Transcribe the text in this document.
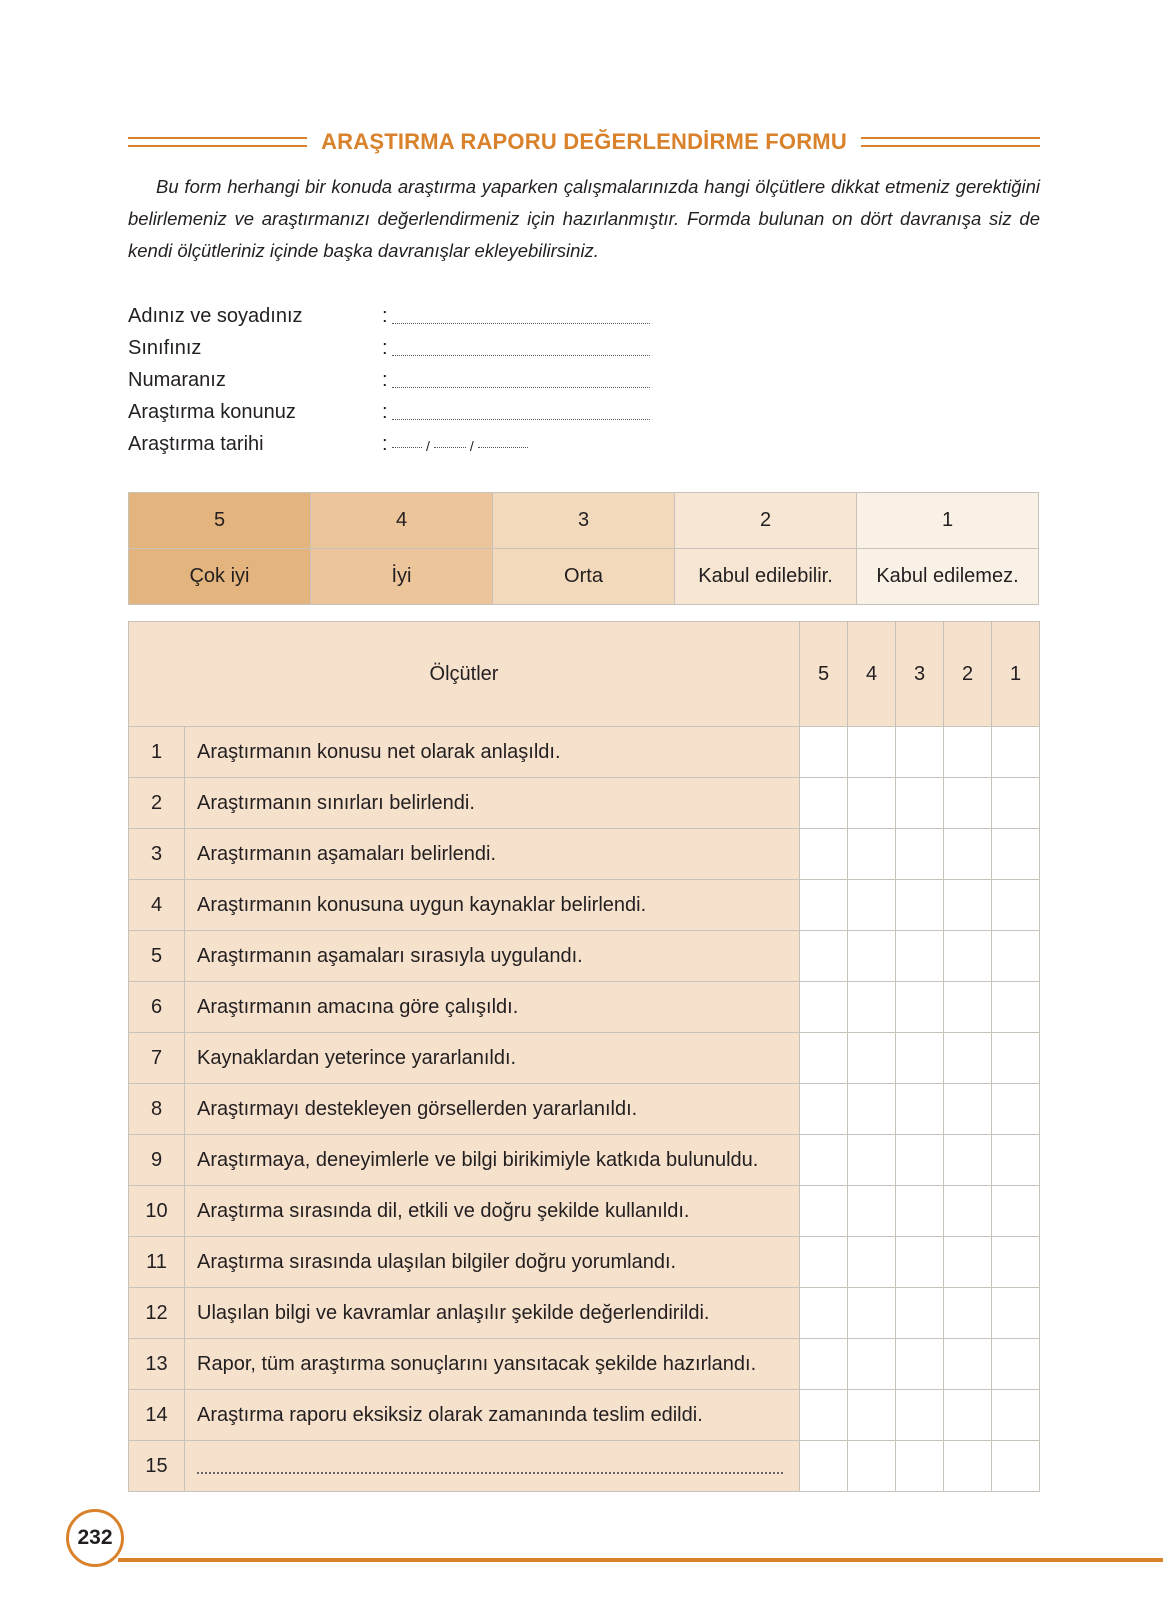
ARAŞTIRMA RAPORU DEĞERLENDİRME FORMU

Bu form herhangi bir konuda araştırma yaparken çalışmalarınızda hangi ölçütlere dikkat etmeniz gerektiğini belirlemeniz ve araştırmanızı değerlendirmeniz için hazırlanmıştır. Formda bulunan on dört davranışa siz de kendi ölçütleriniz içinde başka davranışlar ekleyebilirsiniz.

Adınız ve soyadınız	:
Sınıfınız	:
Numaranız	:
Araştırma konunuz	:
Araştırma tarihi	:	/	/
5	4	3	2	1
Çok iyi	İyi	Orta	Kabul edilebilir.	Kabul edilemez.
Ölçütler		5	4	3	2	1
1	Araştırmanın konusu net olarak anlaşıldı.					
2	Araştırmanın sınırları belirlendi.					
3	Araştırmanın aşamaları belirlendi.					
4	Araştırmanın konusuna uygun kaynaklar belirlendi.					
5	Araştırmanın aşamaları sırasıyla uygulandı.					
6	Araştırmanın amacına göre çalışıldı.					
7	Kaynaklardan yeterince yararlanıldı.					
8	Araştırmayı destekleyen görsellerden yararlanıldı.					
9	Araştırmaya, deneyimlerle ve bilgi birikimiyle katkıda bulunuldu.					
10	Araştırma sırasında dil, etkili ve doğru şekilde kullanıldı.					
11	Araştırma sırasında ulaşılan bilgiler doğru yorumlandı.					
12	Ulaşılan bilgi ve kavramlar anlaşılır şekilde değerlendirildi.					
13	Rapor, tüm araştırma sonuçlarını yansıtacak şekilde hazırlandı.					
14	Araştırma raporu eksiksiz olarak zamanında teslim edildi.					
15						
232
